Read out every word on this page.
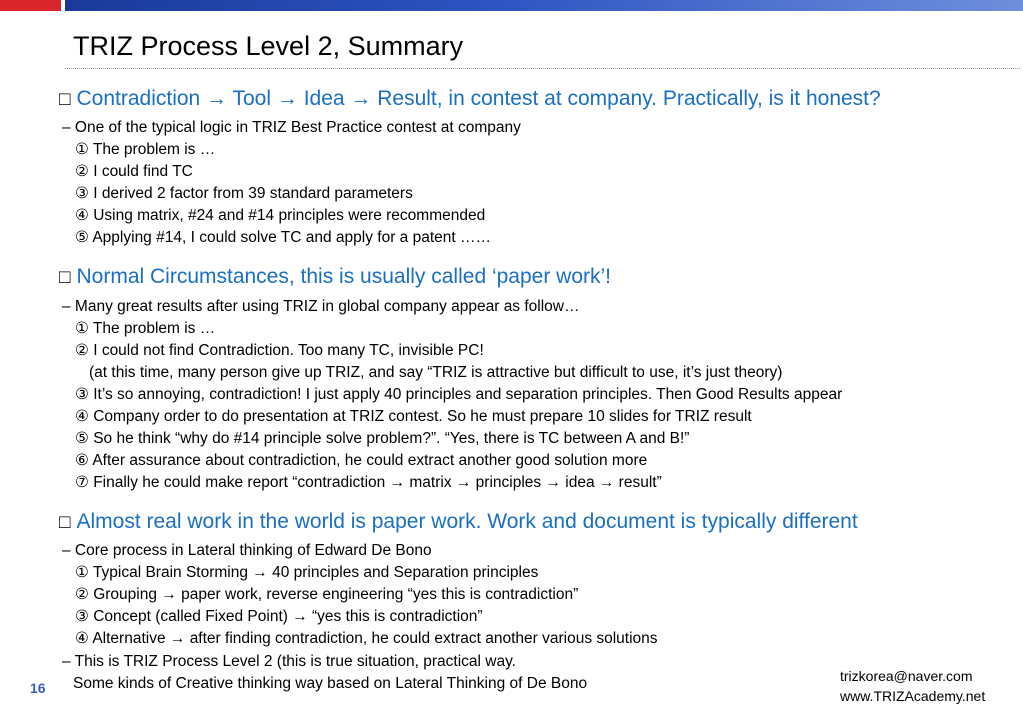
TRIZ Process Level 2, Summary
□ Contradiction → Tool → Idea → Result, in contest at company. Practically, is it honest?
– One of the typical logic in TRIZ Best Practice contest at company
① The problem is …
② I could find TC
③ I derived 2 factor from 39 standard parameters
④ Using matrix, #24 and #14 principles were recommended
⑤ Applying #14, I could solve TC and apply for a patent ……
□ Normal Circumstances, this is usually called ‘paper work’!
– Many great results after using TRIZ in global company appear as follow…
① The problem is …
② I could not find Contradiction. Too many TC, invisible PC!
(at this time, many person give up TRIZ, and say “TRIZ is attractive but difficult to use, it’s just theory)
③ It’s so annoying, contradiction! I just apply 40 principles and separation principles. Then Good Results appear
④ Company order to do presentation at TRIZ contest. So he must prepare 10 slides for TRIZ result
⑤ So he think “why do #14 principle solve problem?”. “Yes, there is TC between A and B!”
⑥ After assurance about contradiction, he could extract another good solution more
⑦ Finally he could make report “contradiction → matrix → principles → idea → result”
□ Almost real work in the world is paper work. Work and document is typically different
– Core process in Lateral thinking of Edward De Bono
① Typical Brain Storming → 40 principles and Separation principles
② Grouping → paper work, reverse engineering “yes this is contradiction”
③ Concept (called Fixed Point) → “yes this is contradiction”
④ Alternative → after finding contradiction, he could extract another various solutions
– This is TRIZ Process Level 2 (this is true situation, practical way.
Some kinds of Creative thinking way based on Lateral Thinking of De Bono
16
trizkorea@naver.com
www.TRIZAcademy.net
